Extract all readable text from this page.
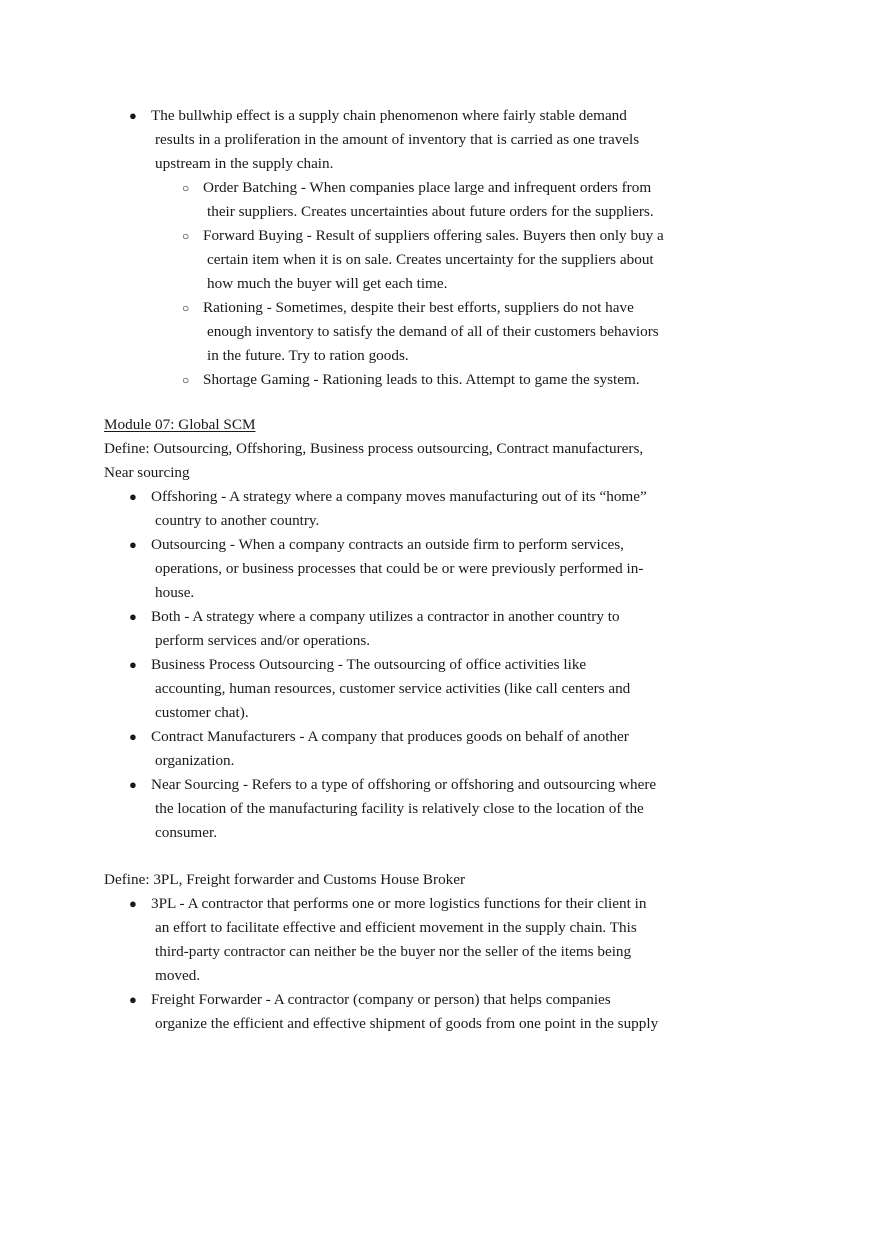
● The bullwhip effect is a supply chain phenomenon where fairly stable demand
results in a proliferation in the amount of inventory that is carried as one travels
upstream in the supply chain.
○ Order Batching - When companies place large and infrequent orders from
their suppliers. Creates uncertainties about future orders for the suppliers.
○ Forward Buying - Result of suppliers offering sales. Buyers then only buy a
certain item when it is on sale. Creates uncertainty for the suppliers about
how much the buyer will get each time.
○ Rationing - Sometimes, despite their best efforts, suppliers do not have
enough inventory to satisfy the demand of all of their customers behaviors
in the future. Try to ration goods.
○ Shortage Gaming - Rationing leads to this. Attempt to game the system.
Module 07: Global SCM
Define: Outsourcing, Offshoring, Business process outsourcing, Contract manufacturers,
Near sourcing
● Offshoring - A strategy where a company moves manufacturing out of its “home”
country to another country.
● Outsourcing - When a company contracts an outside firm to perform services,
operations, or business processes that could be or were previously performed in-
house.
● Both - A strategy where a company utilizes a contractor in another country to
perform services and/or operations.
● Business Process Outsourcing - The outsourcing of office activities like
accounting, human resources, customer service activities (like call centers and
customer chat).
● Contract Manufacturers - A company that produces goods on behalf of another
organization.
● Near Sourcing - Refers to a type of offshoring or offshoring and outsourcing where
the location of the manufacturing facility is relatively close to the location of the
consumer.
Define: 3PL, Freight forwarder and Customs House Broker
● 3PL - A contractor that performs one or more logistics functions for their client in
an effort to facilitate effective and efficient movement in the supply chain. This
third-party contractor can neither be the buyer nor the seller of the items being
moved.
● Freight Forwarder - A contractor (company or person) that helps companies
organize the efficient and effective shipment of goods from one point in the supply
